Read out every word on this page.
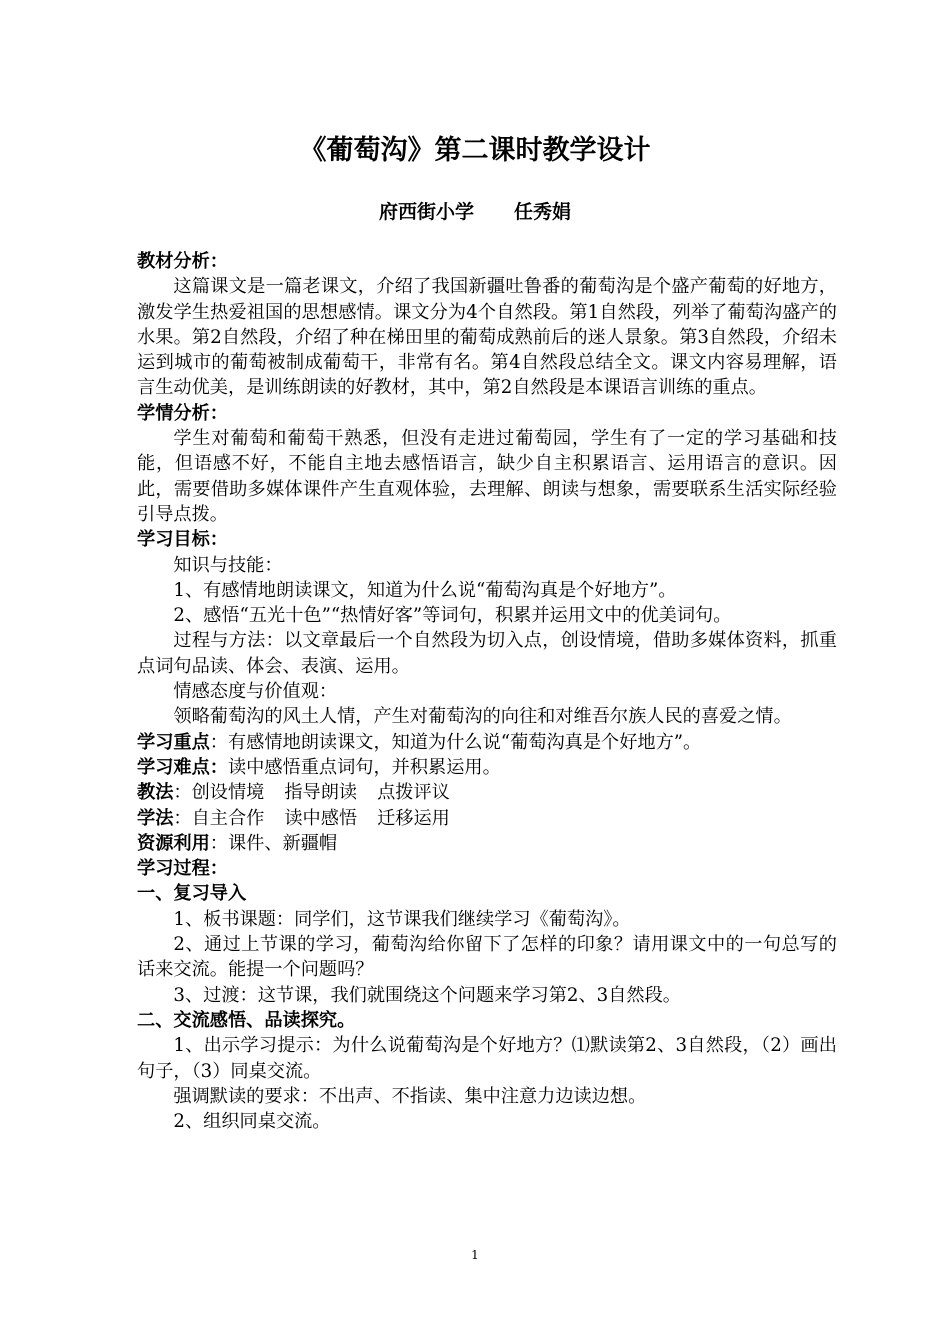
《葡萄沟》第二课时教学设计
府西街小学 任秀娟

教材分析：

这篇课文是一篇老课文，介绍了我国新疆吐鲁番的葡萄沟是个盛产葡萄的好地方，激发学生热爱祖国的思想感情。课文分为4个自然段。第1自然段，列举了葡萄沟盛产的水果。第2自然段，介绍了种在梯田里的葡萄成熟前后的迷人景象。第3自然段，介绍未运到城市的葡萄被制成葡萄干，非常有名。第4自然段总结全文。课文内容易理解，语言生动优美，是训练朗读的好教材，其中，第2自然段是本课语言训练的重点。

学情分析：

学生对葡萄和葡萄干熟悉，但没有走进过葡萄园，学生有了一定的学习基础和技能，但语感不好，不能自主地去感悟语言，缺少自主积累语言、运用语言的意识。因此，需要借助多媒体课件产生直观体验，去理解、朗读与想象，需要联系生活实际经验引导点拨。

学习目标：

知识与技能：

1、有感情地朗读课文，知道为什么说“葡萄沟真是个好地方”。

2、感悟“五光十色”“热情好客”等词句，积累并运用文中的优美词句。

过程与方法：以文章最后一个自然段为切入点，创设情境，借助多媒体资料，抓重点词句品读、体会、表演、运用。

情感态度与价值观：

领略葡萄沟的风土人情，产生对葡萄沟的向往和对维吾尔族人民的喜爱之情。

学习重点：有感情地朗读课文，知道为什么说“葡萄沟真是个好地方”。

学习难点：读中感悟重点词句，并积累运用。

教法：创设情境 指导朗读 点拨评议

学法：自主合作 读中感悟 迁移运用

资源利用：课件、新疆帽

学习过程：

一、复习导入

1、板书课题：同学们，这节课我们继续学习《葡萄沟》。

2、通过上节课的学习，葡萄沟给你留下了怎样的印象？请用课文中的一句总写的话来交流。能提一个问题吗？

3、过渡：这节课，我们就围绕这个问题来学习第2、3自然段。

二、交流感悟、品读探究。

1、出示学习提示：为什么说葡萄沟是个好地方？⑴默读第2、3自然段，（2）画出句子，（3）同桌交流。

强调默读的要求：不出声、不指读、集中注意力边读边想。

2、组织同桌交流。

1
